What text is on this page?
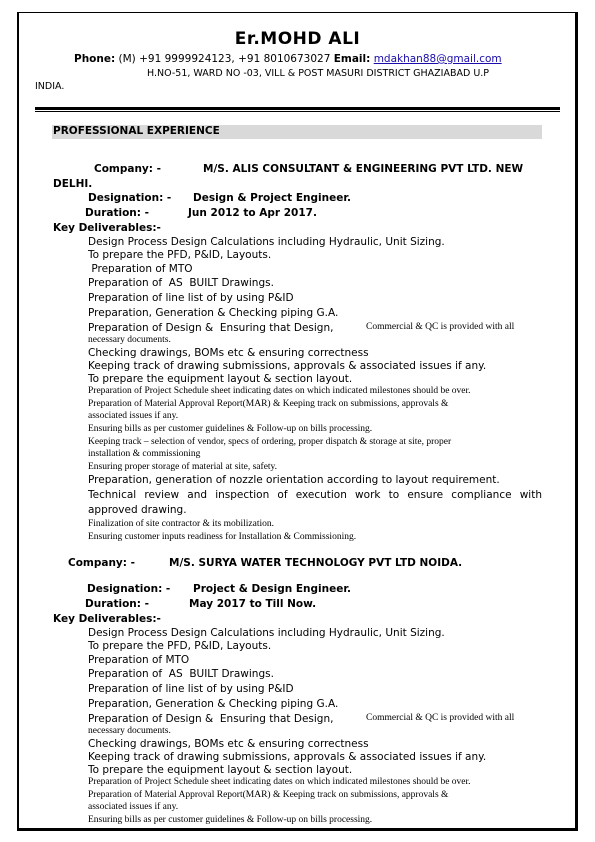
Er.MOHD ALI
Phone: (M) +91 9999924123, +91 8010673027 Email: mdakhan88@gmail.com
H.NO-51, WARD NO -03, VILL & POST MASURI DISTRICT GHAZIABAD U.P
INDIA.
PROFESSIONAL EXPERIENCE
Company: -	M/S. ALIS CONSULTANT & ENGINEERING PVT LTD. NEW
DELHI.
Designation: - Design & Project Engineer.
Duration: -	Jun 2012 to Apr 2017.
Key Deliverables:-
Design Process Design Calculations including Hydraulic, Unit Sizing.
To prepare the PFD, P&ID, Layouts.
Preparation of MTO
Preparation of  AS  BUILT Drawings.
Preparation of line list of by using P&ID
Preparation, Generation & Checking piping G.A.
Preparation of Design &  Ensuring that Design,	Commercial & QC is provided with all
necessary documents.
Checking drawings, BOMs etc & ensuring correctness
Keeping track of drawing submissions, approvals & associated issues if any.
To prepare the equipment layout & section layout.
Preparation of Project Schedule sheet indicating dates on which indicated milestones should be over.
Preparation of Material Approval Report(MAR) & Keeping track on submissions, approvals &
associated issues if any.
Ensuring bills as per customer guidelines & Follow-up on bills processing.
Keeping track – selection of vendor, specs of ordering, proper dispatch & storage at site, proper
installation & commissioning
Ensuring proper storage of material at site, safety.
Preparation, generation of nozzle orientation according to layout requirement.
Technical review and inspection of execution work to ensure compliance with approved drawing.
Finalization of site contractor & its mobilization.
Ensuring customer inputs readiness for Installation & Commissioning.
Company: -	M/S. SURYA WATER TECHNOLOGY PVT LTD NOIDA.
Designation: - Project & Design Engineer.
Duration: -	May 2017 to Till Now.
Key Deliverables:-
Design Process Design Calculations including Hydraulic, Unit Sizing.
To prepare the PFD, P&ID, Layouts.
Preparation of MTO
Preparation of  AS  BUILT Drawings.
Preparation of line list of by using P&ID
Preparation, Generation & Checking piping G.A.
Preparation of Design &  Ensuring that Design,	Commercial & QC is provided with all
necessary documents.
Checking drawings, BOMs etc & ensuring correctness
Keeping track of drawing submissions, approvals & associated issues if any.
To prepare the equipment layout & section layout.
Preparation of Project Schedule sheet indicating dates on which indicated milestones should be over.
Preparation of Material Approval Report(MAR) & Keeping track on submissions, approvals &
associated issues if any.
Ensuring bills as per customer guidelines & Follow-up on bills processing.
